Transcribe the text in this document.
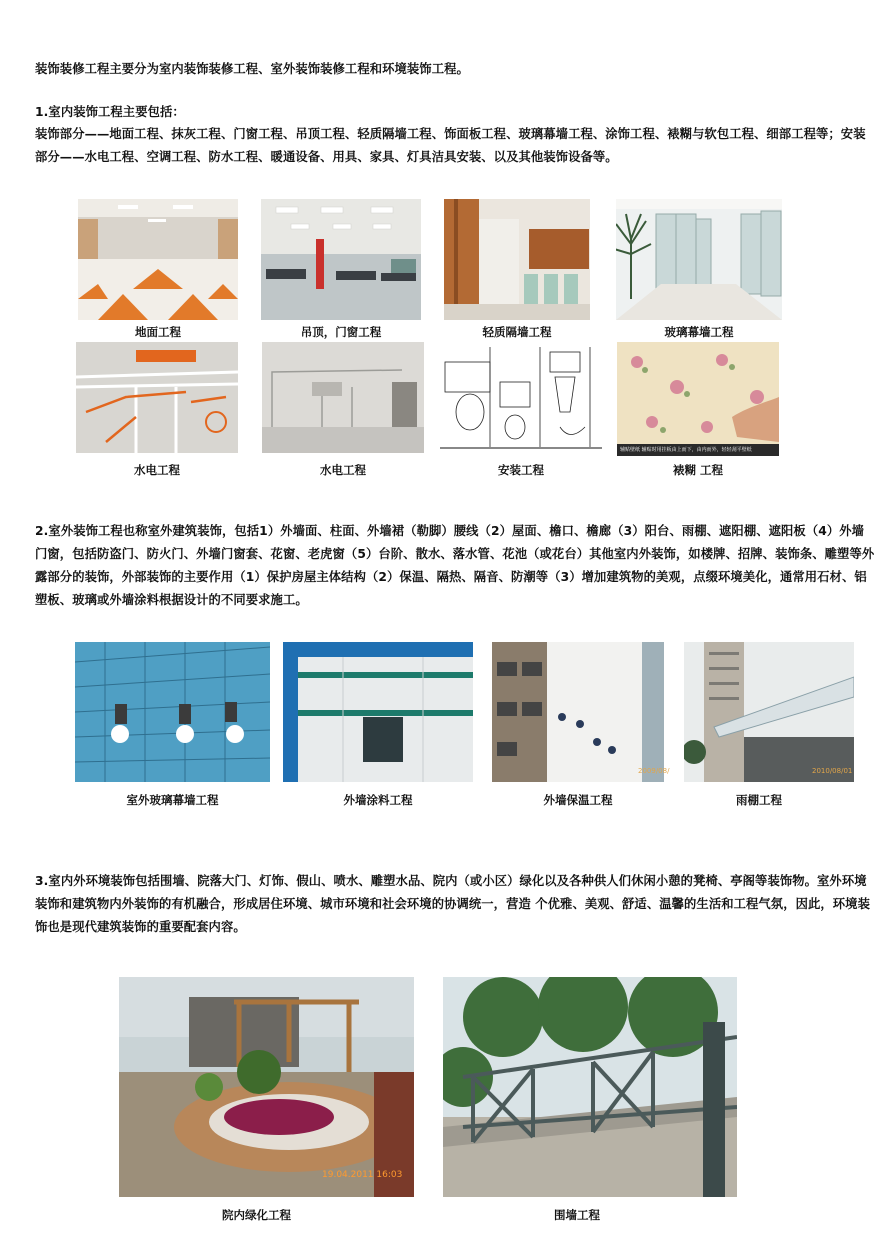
装饰装修工程主要分为室内装饰装修工程、室外装饰装修工程和环境装饰工程。

1.室内装饰工程主要包括：

装饰部分——地面工程、抹灰工程、门窗工程、吊顶工程、轻质隔墙工程、饰面板工程、玻璃幕墙工程、涂饰工程、裱糊与软包工程、细部工程等；安装部分——水电工程、空调工程、防水工程、暖通设备、用具、家具、灯具洁具安装、以及其他装饰设备等。

地面工程	吊顶，门窗工程	轻质隔墙工程	玻璃幕墙工程
辅贴壁纸 辅贴时用挂板由上而下，由内而外，轻轻刮平壁纸
水电工程	水电工程	安装工程	裱糊 工程

2.室外装饰工程也称室外建筑装饰，包括1）外墙面、柱面、外墙裙（勒脚）腰线（2）屋面、檐口、檐廊（3）阳台、雨棚、遮阳棚、遮阳板（4）外墙门窗，包括防盗门、防火门、外墙门窗套、花窗、老虎窗（5）台阶、散水、落水管、花池（或花台）其他室内外装饰，如楼牌、招牌、装饰条、雕塑等外露部分的装饰，外部装饰的主要作用（1）保护房屋主体结构（2）保温、隔热、隔音、防潮等（3）增加建筑物的美观，点缀环境美化，通常用石材、铝塑板、玻璃或外墙涂料根据设计的不同要求施工。

2009/08/	2010/08/01
室外玻璃幕墙工程	外墙涂料工程	外墙保温工程	雨棚工程

3.室内外环境装饰包括围墙、院落大门、灯饰、假山、喷水、雕塑水品、院内（或小区）绿化以及各种供人们休闲小憩的凳椅、亭阁等装饰物。室外环境装饰和建筑物内外装饰的有机融合，形成居住环境、城市环境和社会环境的协调统一，营造 个优雅、美观、舒适、温馨的生活和工程气氛，因此，环境装饰也是现代建筑装饰的重要配套内容。

19.04.2011 16:03
院内绿化工程	围墙工程
